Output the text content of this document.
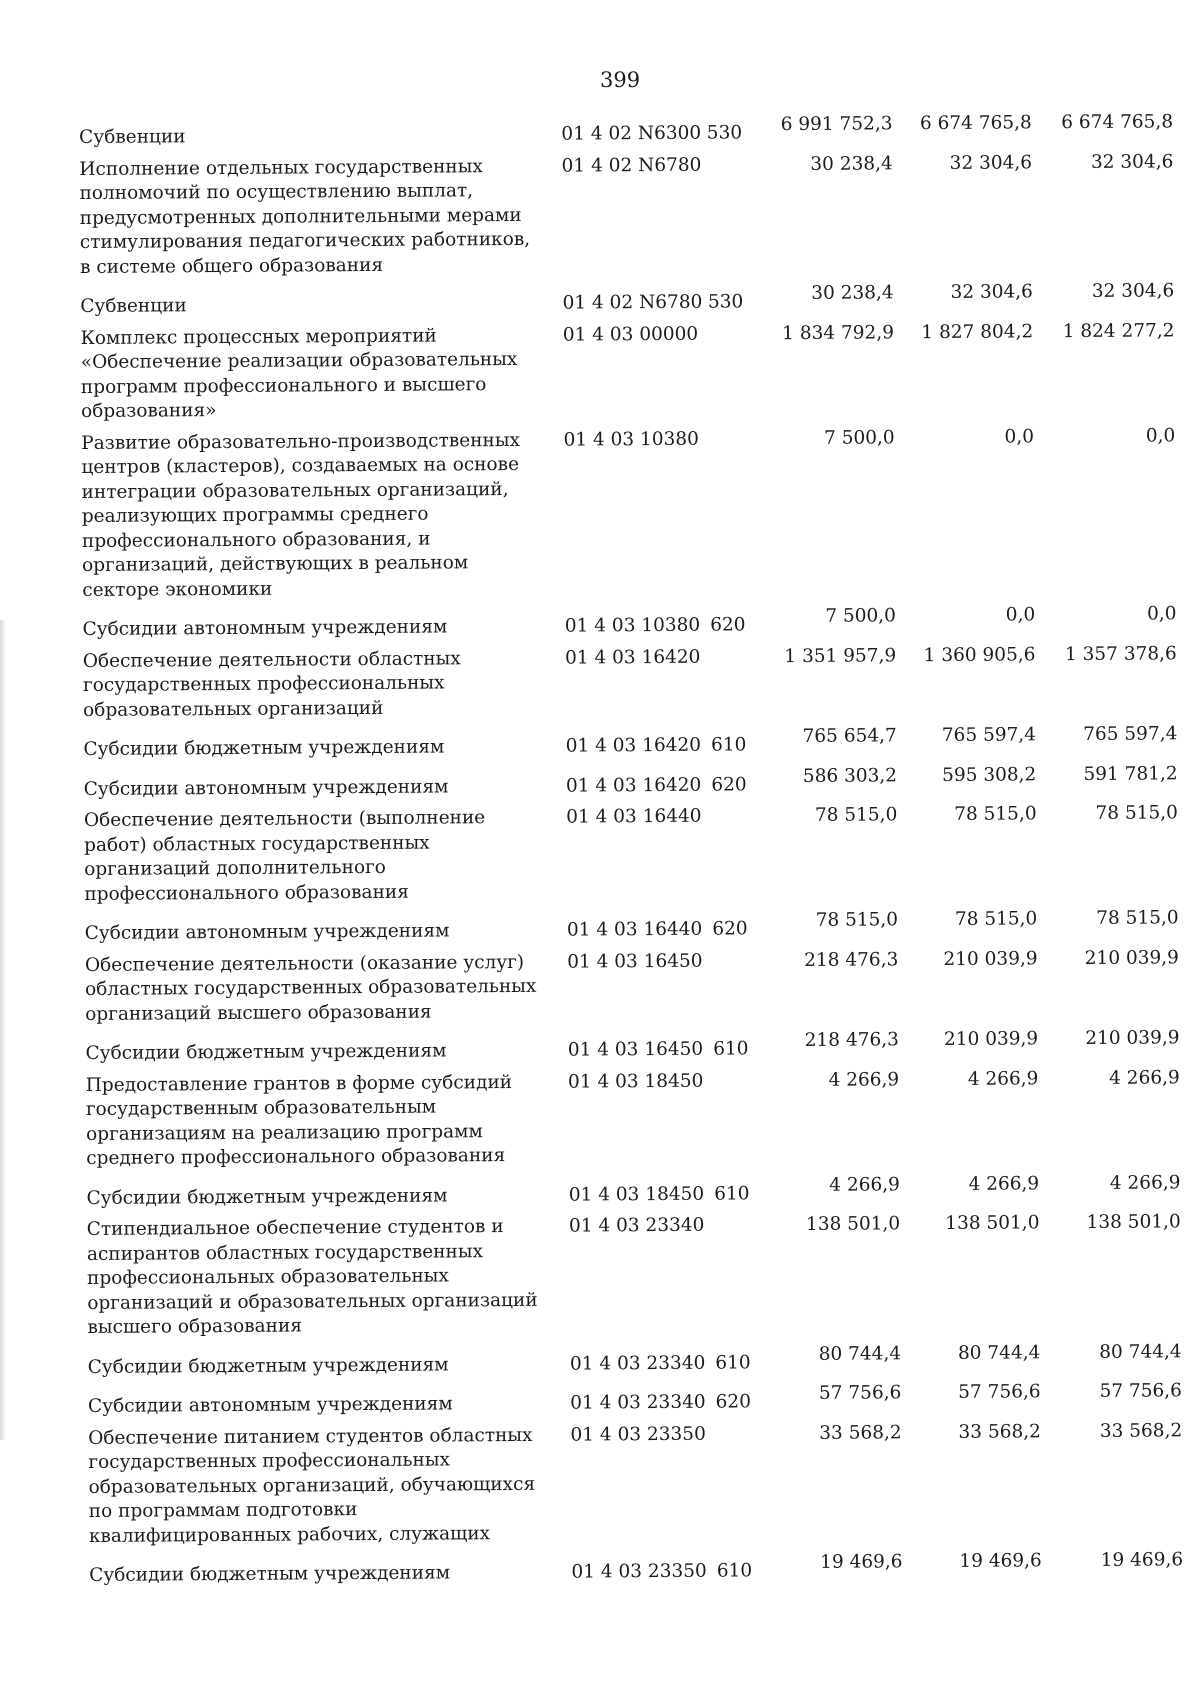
399
Субвенции	01 4 02 N6300	530	6 991 752,3	6 674 765,8	6 674 765,8
Исполнение отдельных государственных полномочий по осуществлению выплат, предусмотренных дополнительными мерами стимулирования педагогических работников, в системе общего образования	01 4 02 N6780		30 238,4	32 304,6	32 304,6
Субвенции	01 4 02 N6780	530	30 238,4	32 304,6	32 304,6
Комплекс процессных мероприятий «Обеспечение реализации образовательных программ профессионального и высшего образования»	01 4 03 00000		1 834 792,9	1 827 804,2	1 824 277,2
Развитие образовательно-производственных центров (кластеров), создаваемых на основе интеграции образовательных организаций, реализующих программы среднего профессионального образования, и организаций, действующих в реальном секторе экономики	01 4 03 10380		7 500,0	0,0	0,0
Субсидии автономным учреждениям	01 4 03 10380	620	7 500,0	0,0	0,0
Обеспечение деятельности областных государственных профессиональных образовательных организаций	01 4 03 16420		1 351 957,9	1 360 905,6	1 357 378,6
Субсидии бюджетным учреждениям	01 4 03 16420	610	765 654,7	765 597,4	765 597,4
Субсидии автономным учреждениям	01 4 03 16420	620	586 303,2	595 308,2	591 781,2
Обеспечение деятельности (выполнение работ) областных государственных организаций дополнительного профессионального образования	01 4 03 16440		78 515,0	78 515,0	78 515,0
Субсидии автономным учреждениям	01 4 03 16440	620	78 515,0	78 515,0	78 515,0
Обеспечение деятельности (оказание услуг) областных государственных образовательных организаций высшего образования	01 4 03 16450		218 476,3	210 039,9	210 039,9
Субсидии бюджетным учреждениям	01 4 03 16450	610	218 476,3	210 039,9	210 039,9
Предоставление грантов в форме субсидий государственным образовательным организациям на реализацию программ среднего профессионального образования	01 4 03 18450		4 266,9	4 266,9	4 266,9
Субсидии бюджетным учреждениям	01 4 03 18450	610	4 266,9	4 266,9	4 266,9
Стипендиальное обеспечение студентов и аспирантов областных государственных профессиональных образовательных организаций и образовательных организаций высшего образования	01 4 03 23340		138 501,0	138 501,0	138 501,0
Субсидии бюджетным учреждениям	01 4 03 23340	610	80 744,4	80 744,4	80 744,4
Субсидии автономным учреждениям	01 4 03 23340	620	57 756,6	57 756,6	57 756,6
Обеспечение питанием студентов областных государственных профессиональных образовательных организаций, обучающихся по программам подготовки квалифицированных рабочих, служащих	01 4 03 23350		33 568,2	33 568,2	33 568,2
Субсидии бюджетным учреждениям	01 4 03 23350	610	19 469,6	19 469,6	19 469,6
